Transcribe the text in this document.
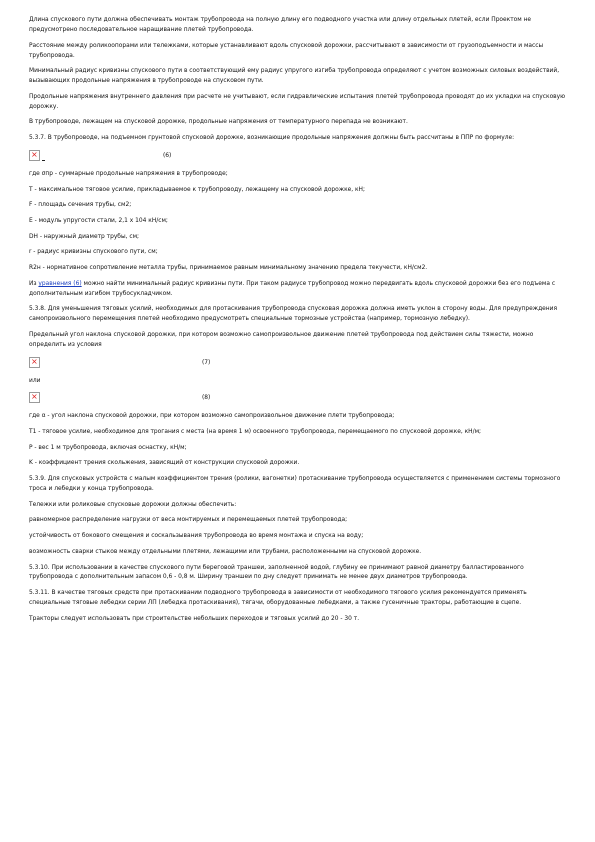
Длина спускового пути должна обеспечивать монтаж трубопровода на полную длину его подводного участка или длину отдельных плетей, если Проектом не предусмотрено последовательное наращивание плетей трубопровода.

Расстояние между роликоопорами или тележками, которые устанавливают вдоль спусковой дорожки, рассчитывают в зависимости от грузоподъемности и массы трубопровода.

Минимальный радиус кривизны спускового пути в соответствующий ему радиус упругого изгиба трубопровода определяют с учетом возможных силовых воздействий, вызывающих продольные напряжения в трубопроводе на спусковом пути.

Продольные напряжения внутреннего давления при расчете не учитывают, если гидравлические испытания плетей трубопровода проводят до их укладки на спусковую дорожку.

В трубопроводе, лежащем на спусковой дорожке, продольные напряжения от температурного перепада не возникают.

5.3.7. В трубопроводе, на подъемном грунтовой спусковой дорожке, возникающие продольные напряжения должны быть рассчитаны в ППР по формуле:

×	(6)

где σпр - суммарные продольные напряжения в трубопроводе;

T - максимальное тяговое усилие, прикладываемое к трубопроводу, лежащему на спусковой дорожке, кН;

F - площадь сечения трубы, см2;

E - модуль упругости стали, 2,1 x 104 кН/см;

DH - наружный диаметр трубы, см;

r - радиус кривизны спускового пути, см;

R2н - нормативное сопротивление металла трубы, принимаемое равным минимальному значению предела текучести, кН/см2.

Из уравнения (6) можно найти минимальный радиус кривизны пути. При таком радиусе трубопровод можно передвигать вдоль спусковой дорожки без его подъема с дополнительным изгибом трубосукладчиком.

5.3.8. Для уменьшения тяговых усилий, необходимых для протаскивания трубопровода спусковая дорожка должна иметь уклон в сторону воды. Для предупреждения самопроизвольного перемещения плетей необходимо предусмотреть специальные тормозные устройства (например, тормозную лебедку).

Предельный угол наклона спусковой дорожки, при котором возможно самопроизвольное движение плетей трубопровода под действием силы тяжести, можно определить из условия

×	(7)

или

×	(8)

где α - угол наклона спусковой дорожки, при котором возможно самопроизвольное движение плети трубопровода;

T1 - тяговое усилие, необходимое для трогания с места (на время 1 м) освоенного трубопровода, перемещаемого по спусковой дорожке, кН/м;

P - вес 1 м трубопровода, включая оснастку, кН/м;

K - коэффициент трения скольжения, зависящий от конструкции спусковой дорожки.

5.3.9. Для спусковых устройств с малым коэффициентом трения (ролики, вагонетки) протаскивание трубопровода осуществляется с применением системы тормозного троса и лебедки у конца трубопровода.

Тележки или роликовые спусковые дорожки должны обеспечить:

равномерное распределение нагрузки от веса монтируемых и перемещаемых плетей трубопровода;

устойчивость от бокового смещения и соскальзывания трубопровода во время монтажа и спуска на воду;

возможность сварки стыков между отдельными плетями, лежащими или трубами, расположенными на спусковой дорожке.

5.3.10. При использовании в качестве спускового пути береговой траншеи, заполненной водой, глубину ее принимают равной диаметру балластированного трубопровода с дополнительным запасом 0,6 - 0,8 м. Ширину траншеи по дну следует принимать не менее двух диаметров трубопровода.

5.3.11. В качестве тяговых средств при протаскивании подводного трубопровода в зависимости от необходимого тягового усилия рекомендуется применять специальные тяговые лебедки серии ЛП (лебедка протаскивания), тягачи, оборудованные лебедками, а также гусеничные тракторы, работающие в сцепе.

Тракторы следует использовать при строительстве небольших переходов и тяговых усилий до 20 - 30 т.
